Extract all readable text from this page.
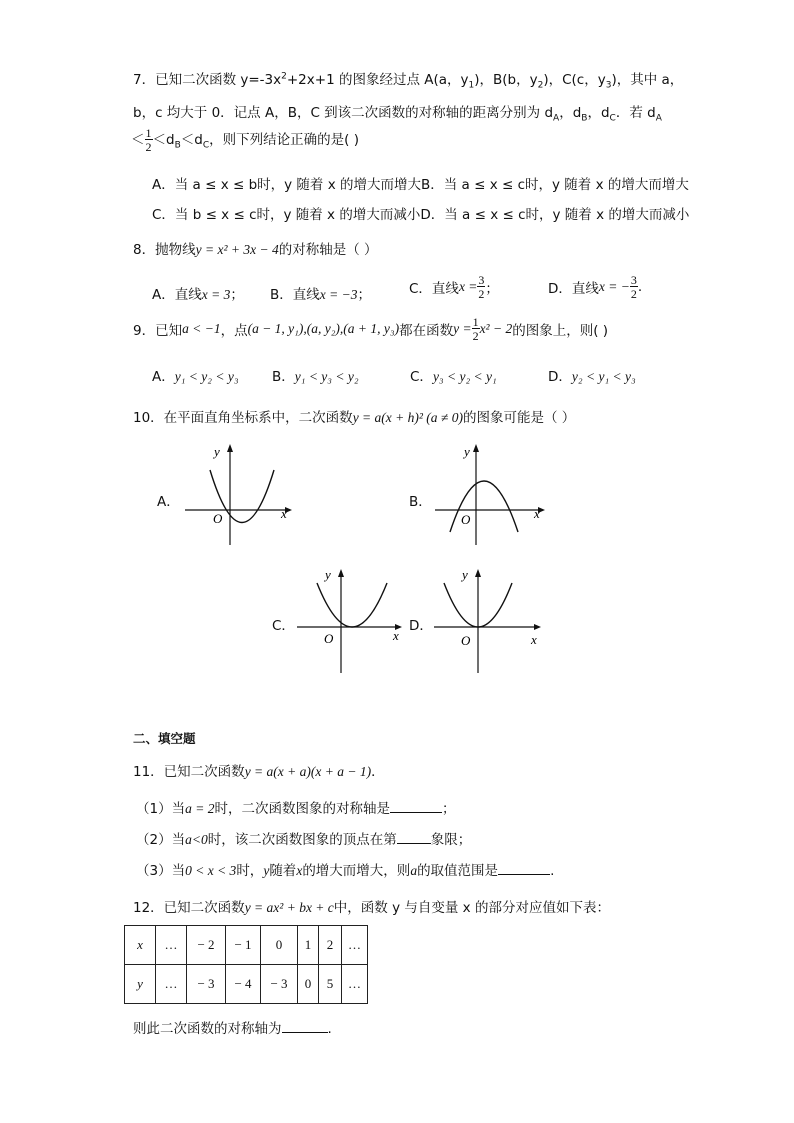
7．已知二次函数 $y=-3x^2+2x+1$ 的图象经过点 A(a，$y_1$)，B(b，$y_2$)，C(c，$y_3$)，其中 a，
b，c 均大于 0．记点 A，B，C 到该二次函数的对称轴的距离分别为 $d_A$，$d_B$，$d_C$．若 $d_A$
＜ $\frac{1}{2} <d_B<d_C$，则下列结论正确的是( )
A．当 a ≤ x ≤ b时，y 随着 x 的增大而增大B．当 a ≤ x ≤ c时，y 随着 x 的增大而增大
C．当 b ≤ x ≤ c时，y 随着 x 的增大而减小D．当 a ≤ x ≤ c时，y 随着 x 的增大而减小
8．抛物线y = x² + 3x − 4的对称轴是（ ）
A．直线x = 3； B．直线x = −3；	C．直线$x = \frac{3}{2}$ ；	D．直线x = − $\frac{3}{2}$ .
9．已知a < −1，点(a − 1, y₁),(a, y₂),(a + 1, y₃)都在函数$y = \frac{1}{2} x^2 - 2$的图象上，则( )
A．y₁ < y₂ < y₃ B．y₁ < y₃ < y₂	C．y₃ < y₂ < y₁	D．y₂ < y₁ < y₃
10．在平面直角坐标系中，二次函数y = a(x + h)² (a ≠ 0)的图象可能是（ ）
A．	B．
C．	D．
y
x
O
y
x
O
y
x
O
y
x
O
二、填空题
11．已知二次函数y = a(x + a)(x + a − 1)．
（1）当a = 2时，二次函数图象的对称轴是	；
（2）当a<0时，该二次函数图象的顶点在第	象限；
（3）当0 < x < 3时，y随着x的增大而增大，则a的取值范围是	.
12．已知二次函数y = ax² + bx + c中，函数 y 与自变量 x 的部分对应值如下表：
x	…	− 2	− 1	0	1	2	…
y	…	− 3	− 4	− 3	0	5	…
则此二次函数的对称轴为	.
